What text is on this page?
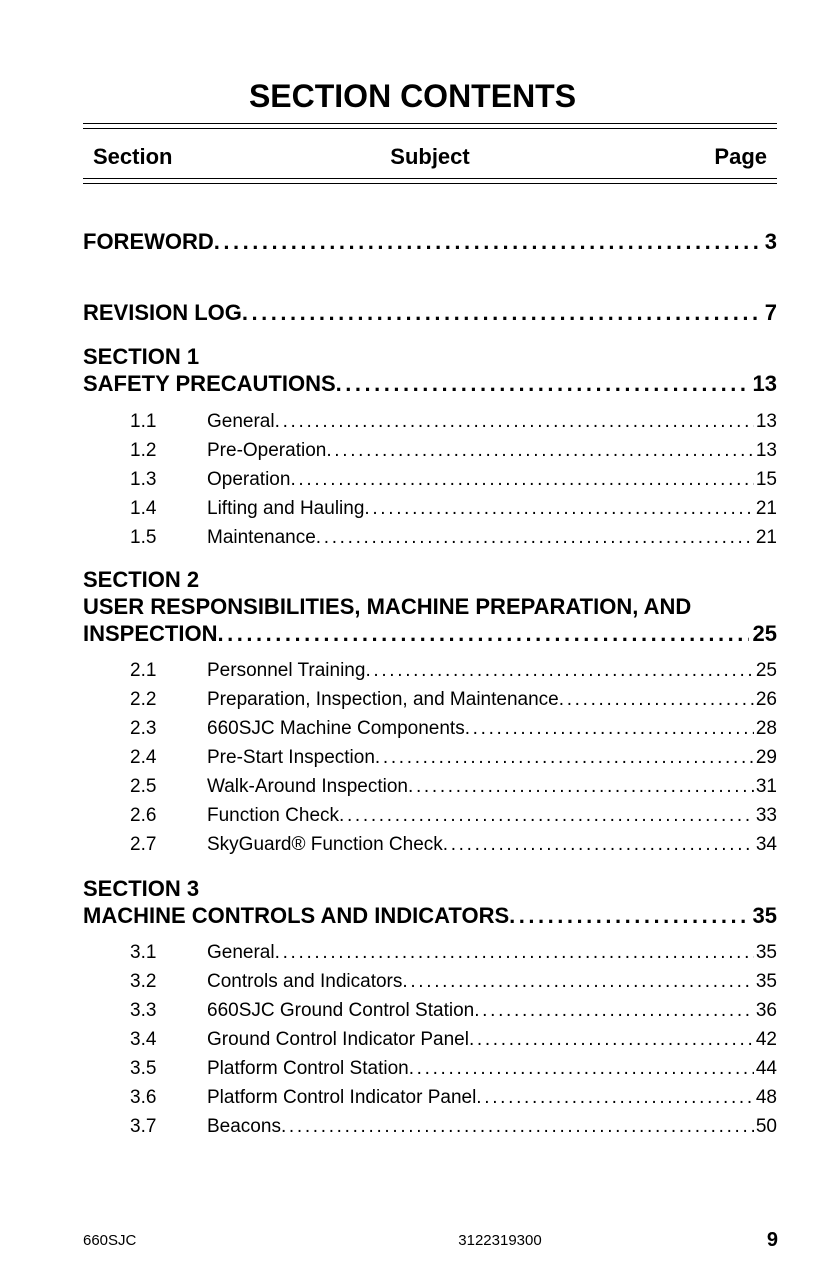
SECTION CONTENTS
Section	Subject	Page
FOREWORD . . .	3
REVISION LOG . . .	7
SECTION 1
SAFETY PRECAUTIONS . . .	13
1.1	General . . .	13
1.2	Pre-Operation . . .	13
1.3	Operation . . .	15
1.4	Lifting and Hauling . . .	21
1.5	Maintenance . . .	21
SECTION 2
USER RESPONSIBILITIES, MACHINE PREPARATION, AND
INSPECTION . . .	25
2.1	Personnel Training . . .	25
2.2	Preparation, Inspection, and Maintenance . . .	26
2.3	660SJC Machine Components . . .	28
2.4	Pre-Start Inspection . . .	29
2.5	Walk-Around Inspection . . .	31
2.6	Function Check . . .	33
2.7	SkyGuard® Function Check . . .	34
SECTION 3
MACHINE CONTROLS AND INDICATORS . . .	35
3.1	General . . .	35
3.2	Controls and Indicators . . .	35
3.3	660SJC Ground Control Station . . .	36
3.4	Ground Control Indicator Panel . . .	42
3.5	Platform Control Station . . .	44
3.6	Platform Control Indicator Panel . . .	48
3.7	Beacons . . .	50
660SJC	3122319300	9
